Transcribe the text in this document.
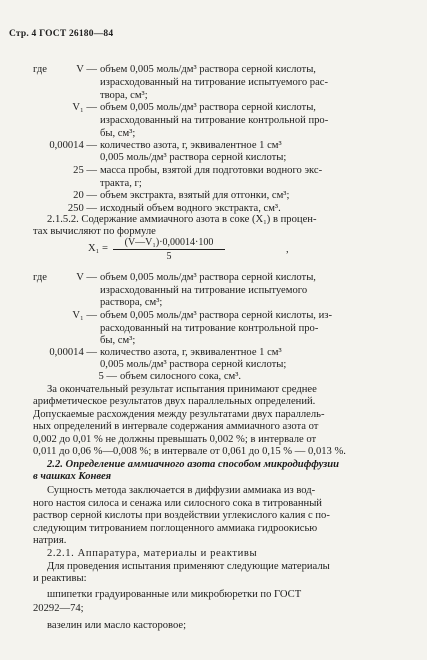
Стр. 4 ГОСТ 26180—84
где	V — объем 0,005 моль/дм³ раствора серной кислоты,
израсходованный на титрование испытуемого рас-
твора, см³;
V₁ — объем 0,005 моль/дм³ раствора серной кислоты,
израсходованный на титрование контрольной про-
бы, см³;
0,00014 — количество азота, г, эквивалентное 1 см³
0,005 моль/дм³ раствора серной кислоты;
25 — масса пробы, взятой для подготовки водного экс-
тракта, г;
20 — объем экстракта, взятый для отгонки, см³;
250 — исходный объем водного экстракта, см³.
2.1.5.2. Содержание аммиачного азота в соке (X₁) в процен-
тах вычисляют по формуле
$X_1 = \frac{\text{(V—V₁)·0,00014·100}}{5}$	,
где	V — объем 0,005 моль/дм³ раствора серной кислоты,
израсходованный на титрование испытуемого
раствора, см³;
V₁ — объем 0,005 моль/дм³ раствора серной кислоты, из-
расходованный на титрование контрольной про-
бы, см³;
0,00014 — количество азота, г, эквивалентное 1 см³
0,005 моль/дм³ раствора серной кислоты;
5 — объем силосного сока, см³.
За окончательный результат испытания принимают среднее
арифметическое результатов двух параллельных определений.
Допускаемые расхождения между результатами двух параллель-
ных определений в интервале содержания аммиачного азота от
0,002 до 0,01 % не должны превышать 0,002 %; в интервале от
0,011 до 0,06 %—0,008 %; в интервале от 0,061 до 0,15 % — 0,013 %.
2.2. Определение аммиачного азота способом микродиффузии
в чашках Конвея
Сущность метода заключается в диффузии аммиака из вод-
ного настоя силоса и сенажа или силосного сока в титрованный
раствор серной кислоты при воздействии углекислого калия с по-
следующим титрованием поглощенного аммиака гидроокисью
натрия.
2.2.1. Аппаратура, материалы и реактивы
Для проведения испытания применяют следующие материалы
и реактивы:
шпипетки градуированные или микробюретки по ГОСТ
20292—74;
вазелин или масло касторовое;
